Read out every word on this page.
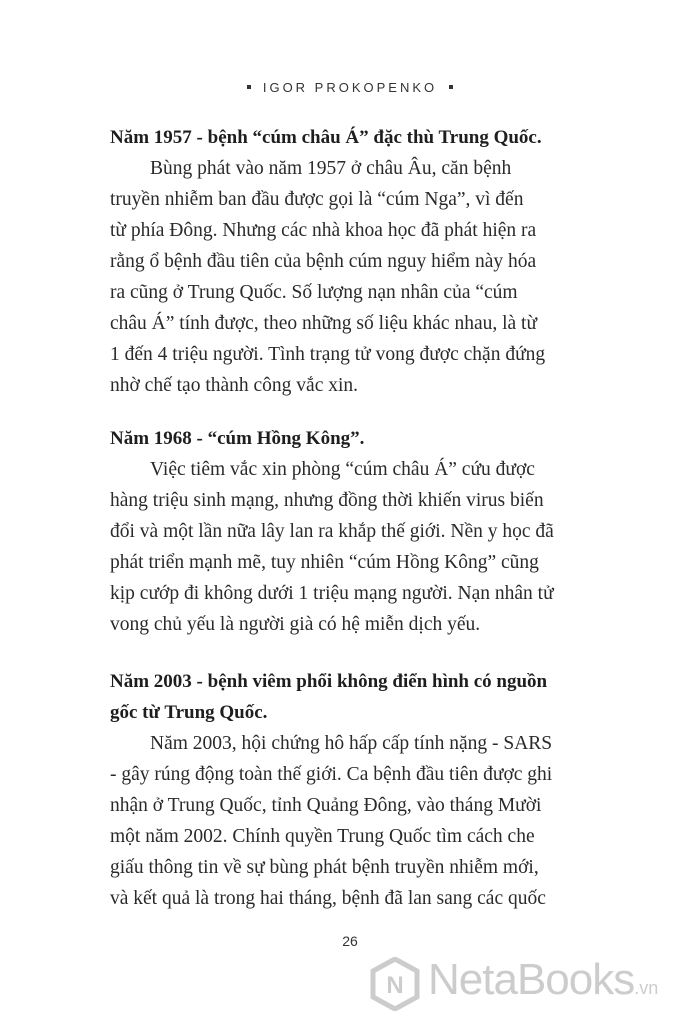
IGOR PROKOPENKO

Năm 1957 - bệnh “cúm châu Á” đặc thù Trung Quốc.

Bùng phát vào năm 1957 ở châu Âu, căn bệnh
truyền nhiễm ban đầu được gọi là “cúm Nga”, vì đến
từ phía Đông. Nhưng các nhà khoa học đã phát hiện ra
rằng ổ bệnh đầu tiên của bệnh cúm nguy hiểm này hóa
ra cũng ở Trung Quốc. Số lượng nạn nhân của “cúm
châu Á” tính được, theo những số liệu khác nhau, là từ
1 đến 4 triệu người. Tình trạng tử vong được chặn đứng
nhờ chế tạo thành công vắc xin.

Năm 1968 - “cúm Hồng Kông”.

Việc tiêm vắc xin phòng “cúm châu Á” cứu được
hàng triệu sinh mạng, nhưng đồng thời khiến virus biến
đổi và một lần nữa lây lan ra khắp thế giới. Nền y học đã
phát triển mạnh mẽ, tuy nhiên “cúm Hồng Kông” cũng
kịp cướp đi không dưới 1 triệu mạng người. Nạn nhân tử
vong chủ yếu là người già có hệ miễn dịch yếu.

Năm 2003 - bệnh viêm phổi không điển hình có nguồn
gốc từ Trung Quốc.

Năm 2003, hội chứng hô hấp cấp tính nặng - SARS
- gây rúng động toàn thế giới. Ca bệnh đầu tiên được ghi
nhận ở Trung Quốc, tỉnh Quảng Đông, vào tháng Mười
một năm 2002. Chính quyền Trung Quốc tìm cách che
giấu thông tin về sự bùng phát bệnh truyền nhiễm mới,
và kết quả là trong hai tháng, bệnh đã lan sang các quốc

26
N NetaBooks.vn
